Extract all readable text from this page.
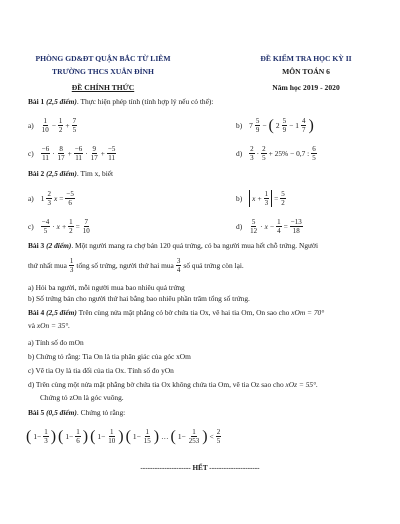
PHÒNG GD&ĐT QUẬN BẮC TỪ LIÊM
TRƯỜNG THCS XUÂN ĐỈNH
ĐỀ CHÍNH THỨC
ĐỀ KIỂM TRA HỌC KỲ II
MÔN TOÁN 6
Năm học 2019 - 2020
Bài 1 (2,5 điểm). Thực hiện phép tính (tính hợp lý nếu có thể):
a) 1
$10 - \frac{1}{2} + \frac{7}{5}$	b) 7 5
9 − ( 2 5
9 − 1 4
7 )
c) −6
11 · 8
$17 + \frac{-6}{11} \cdot 9$
$17 + \frac{-5}{11}$	d) 2
3 · 2
5 + 25% − 0,7 : 6
5
Bài 2 (2,5 điểm). Tìm x, biết
a) 1 2
3 $x = \frac{-5}{6}$	b) $x + \frac{1}{3} = \frac{5}{2}$
c) −4
$5 \cdot x + \frac{1}{2} = \frac{7}{10}$	d) 5
$12 \cdot x - \frac{1}{4} = \frac{-13}{18}$
Bài 3 (2 điểm). Một người mang ra chợ bán 120 quả trứng, có ba người mua hết chỗ trứng. Người
thứ nhất mua 1
3 tổng số trứng, người thứ hai mua 3
4 số quả trứng còn lại.
a) Hỏi ba người, mỗi người mua bao nhiêu quả trứng
b) Số trứng bán cho người thứ hai bằng bao nhiêu phần trăm tổng số trứng.
Bài 4 (2,5 điểm) Trên cùng nửa mặt phẳng có bờ chứa tia Ox, vẽ hai tia Om, On sao cho xOm = 70°
và xOn = 35°.
a) Tính số đo mOn
b) Chứng tỏ rằng: Tia On là tia phân giác của góc xOm
c) Vẽ tia Oy là tia đối của tia Ox. Tính số đo yOn
d) Trên cùng một nửa mặt phẳng bờ chứa tia Ox không chứa tia Om, vẽ tia Oz sao cho xOz = 55°.
Chứng tỏ zOn là góc vuông.
Bài 5 (0,5 điểm). Chứng tỏ rằng:
( $1- \frac{1}{3}$ ) ( $1- \frac{1}{6}$ ) ( $1- \frac{1}{10}$ ) ( $1- \frac{1}{15}$ ) … ( $1- \frac{1}{253}$ ) < 2
5
--------------------- HẾT ---------------------
